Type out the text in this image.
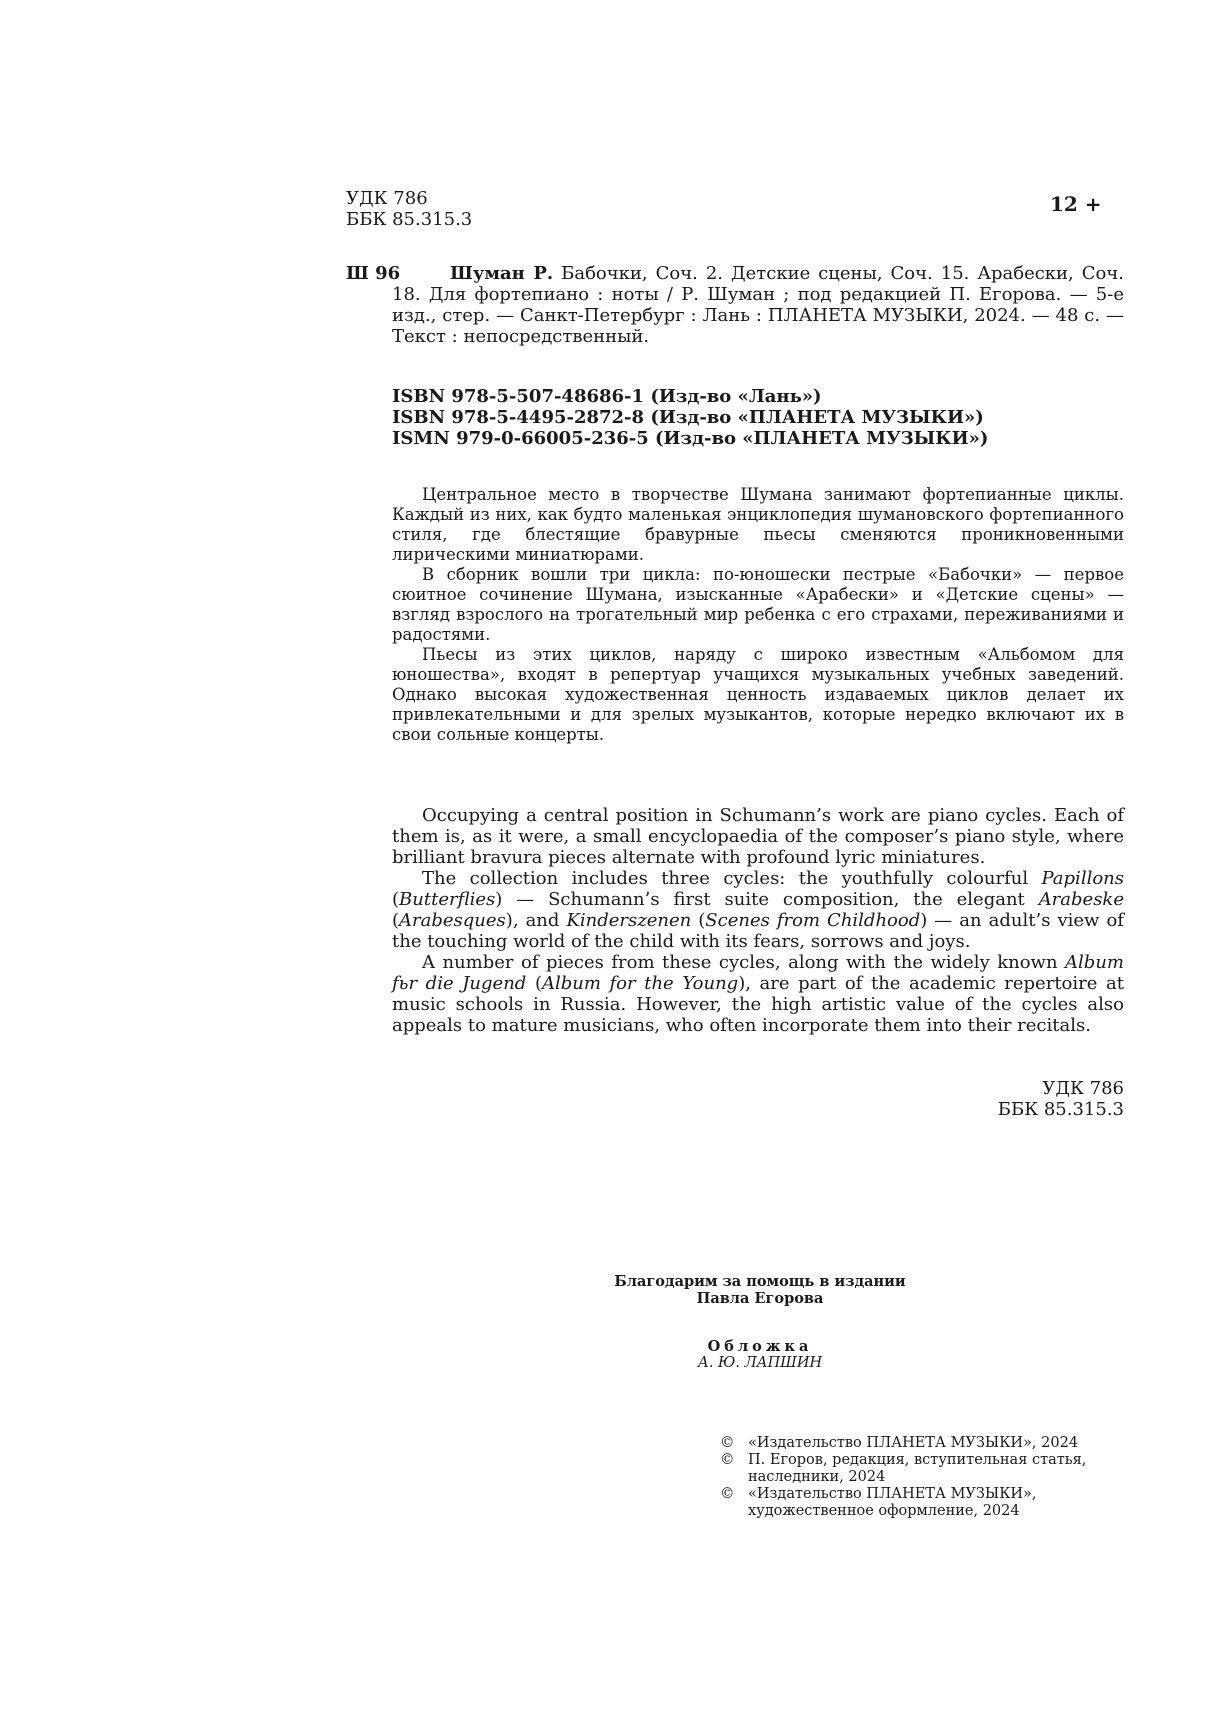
УДК 786
ББК 85.315.3
12 +
Ш 96	Шуман Р. Бабочки, Соч. 2. Детские сцены, Соч. 15. Арабески, Соч. 18. Для фортепиано : ноты / Р. Шуман ; под редакцией П. Егорова. — 5-е изд., стер. — Санкт-Петербург : Лань : ПЛАНЕТА МУЗЫКИ, 2024. — 48 с. — Текст : непосредственный.

ISBN 978-5-507-48686-1 (Изд-во «Лань»)
ISBN 978-5-4495-2872-8 (Изд-во «ПЛАНЕТА МУЗЫКИ»)
ISMN 979-0-66005-236-5 (Изд-во «ПЛАНЕТА МУЗЫКИ»)

Центральное место в творчестве Шумана занимают фортепианные циклы. Каждый из них, как будто маленькая энциклопедия шумановского фортепианного стиля, где блестящие бравурные пьесы сменяются проникновенными лирическими миниатюрами.

В сборник вошли три цикла: по-юношески пестрые «Бабочки» — первое сюитное сочинение Шумана, изысканные «Арабески» и «Детские сцены» — взгляд взрослого на трогательный мир ребенка с его страхами, переживаниями и радостями.

Пьесы из этих циклов, наряду с широко известным «Альбомом для юношества», входят в репертуар учащихся музыкальных учебных заведений. Однако высокая художественная ценность издаваемых циклов делает их привлекательными и для зрелых музыкантов, которые нередко включают их в свои сольные концерты.

Occupying a central position in Schumann’s work are piano cycles. Each of them is, as it were, a small encyclopaedia of the composer’s piano style, where brilliant bravura pieces alternate with profound lyric miniatures.

The collection includes three cycles: the youthfully colourful Papillons (Butterflies) — Schumann’s first suite composition, the elegant Arabeske (Arabesques), and Kinderszenen (Scenes from Childhood) — an adult’s view of the touching world of the child with its fears, sorrows and joys.

A number of pieces from these cycles, along with the widely known Album fьr die Jugend (Album for the Young), are part of the academic repertoire at music schools in Russia. However, the high artistic value of the cycles also appeals to mature musicians, who often incorporate them into their recitals.

УДК 786
ББК 85.315.3
Благодарим за помощь в издании
Павла Егорова
Обложка
А. Ю. ЛАПШИН
© «Издательство ПЛАНЕТА МУЗЫКИ», 2024
© П. Егоров, редакция, вступительная статья, наследники, 2024
© «Издательство ПЛАНЕТА МУЗЫКИ», художественное оформление, 2024
